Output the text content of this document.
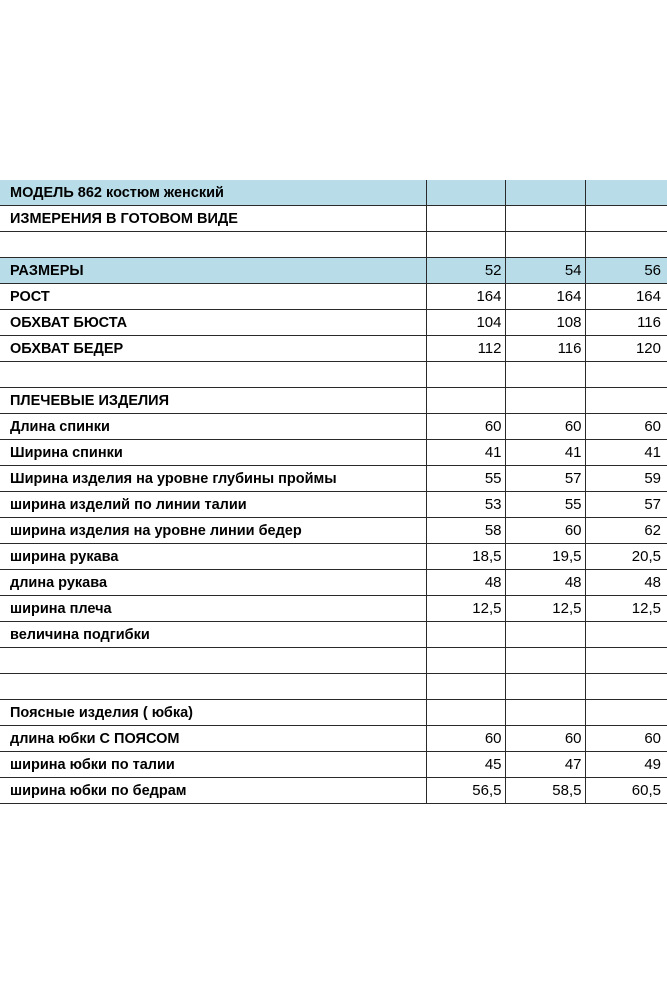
МОДЕЛЬ 862 костюм женский			
ИЗМЕРЕНИЯ В ГОТОВОМ ВИДЕ			

РАЗМЕРЫ	52	54	56
РОСТ	164	164	164
ОБХВАТ БЮСТА	104	108	116
ОБХВАТ БЕДЕР	112	116	120

ПЛЕЧЕВЫЕ ИЗДЕЛИЯ			
Длина спинки	60	60	60
Ширина спинки	41	41	41
Ширина изделия на уровне глубины проймы	55	57	59
ширина изделий по линии талии	53	55	57
ширина изделия на уровне линии бедер	58	60	62
ширина рукава	18,5	19,5	20,5
длина рукава	48	48	48
ширина плеча	12,5	12,5	12,5
величина подгибки			

Поясные изделия ( юбка)			
длина юбки С ПОЯСОМ	60	60	60
ширина юбки по талии	45	47	49
ширина юбки по бедрам	56,5	58,5	60,5
